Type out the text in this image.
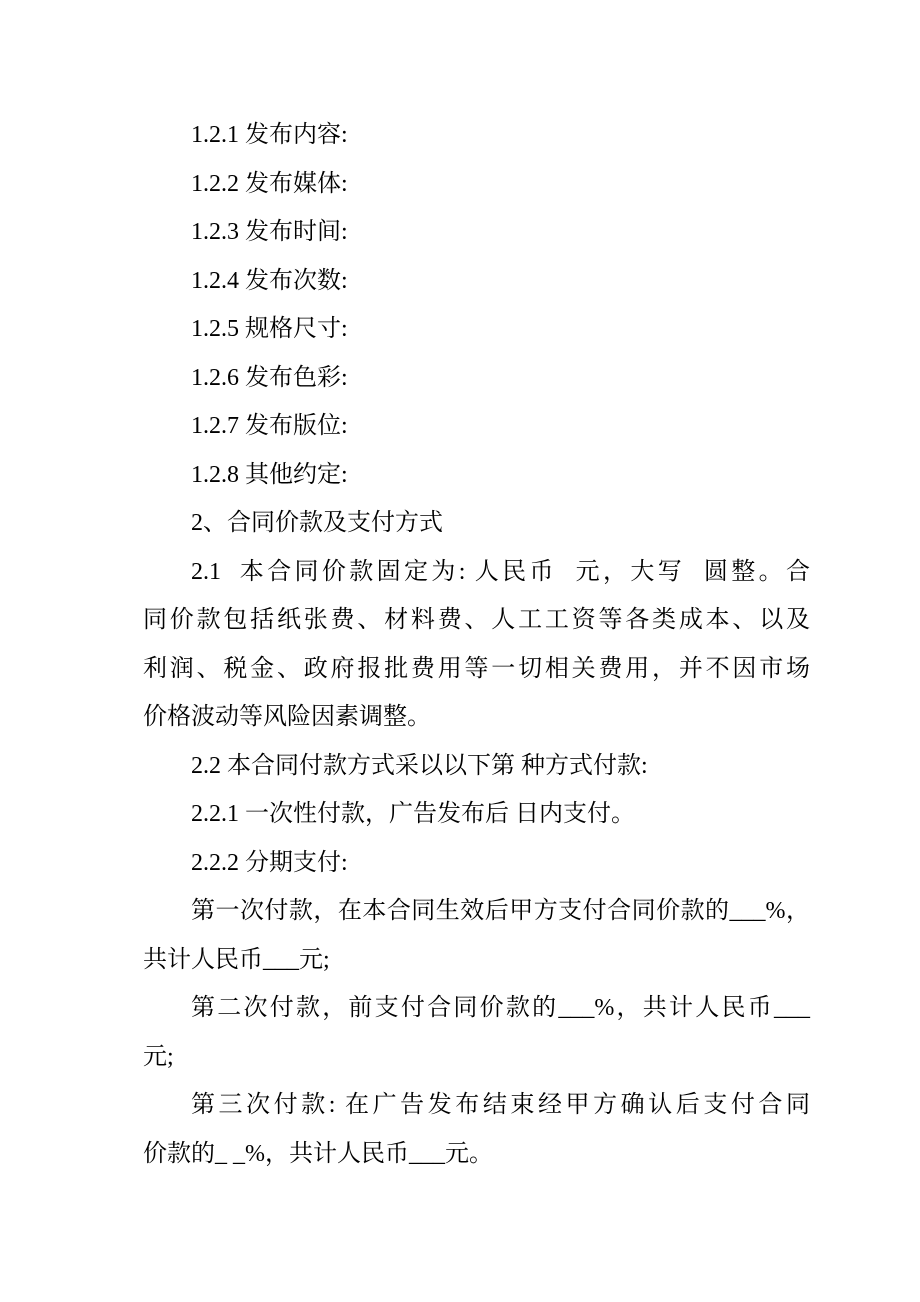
1.2.1 发布内容:
1.2.2 发布媒体:
1.2.3 发布时间:
1.2.4 发布次数:
1.2.5 规格尺寸:
1.2.6 发布色彩:
1.2.7 发布版位:
1.2.8 其他约定:
2、合同价款及支付方式
2.1  本合同价款固定为: 人民币  元，大写  圆整。合
同价款包括纸张费、材料费、人工工资等各类成本、以及
利润、税金、政府报批费用等一切相关费用，并不因市场
价格波动等风险因素调整。
2.2 本合同付款方式采以以下第 种方式付款:
2.2.1 一次性付款，广告发布后 日内支付。
2.2.2 分期支付:
第一次付款，在本合同生效后甲方支付合同价款的___%，
共计人民币___元;
第二次付款，前支付合同价款的___%，共计人民币___
元;
第三次付款: 在广告发布结束经甲方确认后支付合同
价款的_ _%，共计人民币___元。
